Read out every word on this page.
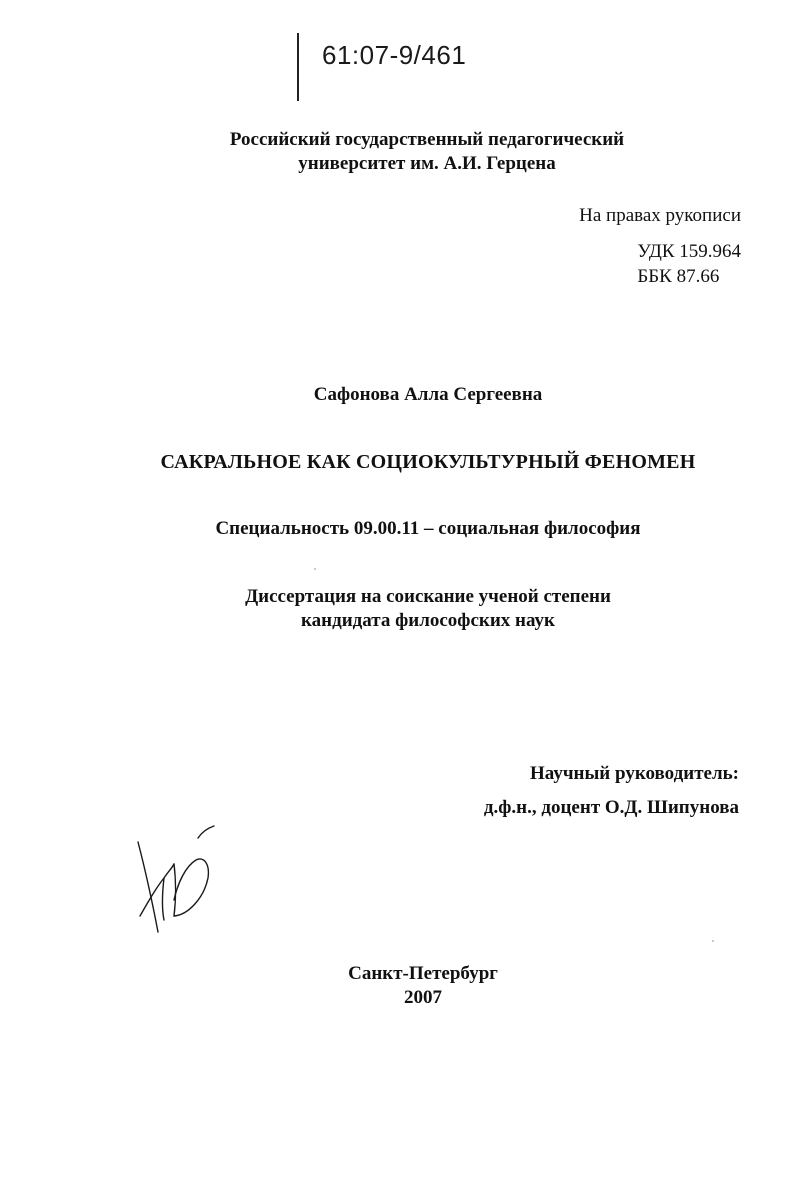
61:07-9/461
Российский государственный педагогический
университет им. А.И. Герцена
На правах рукописи
УДК 159.964
ББК 87.66
Сафонова Алла Сергеевна
САКРАЛЬНОЕ КАК СОЦИОКУЛЬТУРНЫЙ ФЕНОМЕН
Специальность 09.00.11 – социальная философия
Диссертация на соискание ученой степени
кандидата философских наук
Научный руководитель:
д.ф.н., доцент О.Д. Шипунова
Санкт-Петербург
2007
